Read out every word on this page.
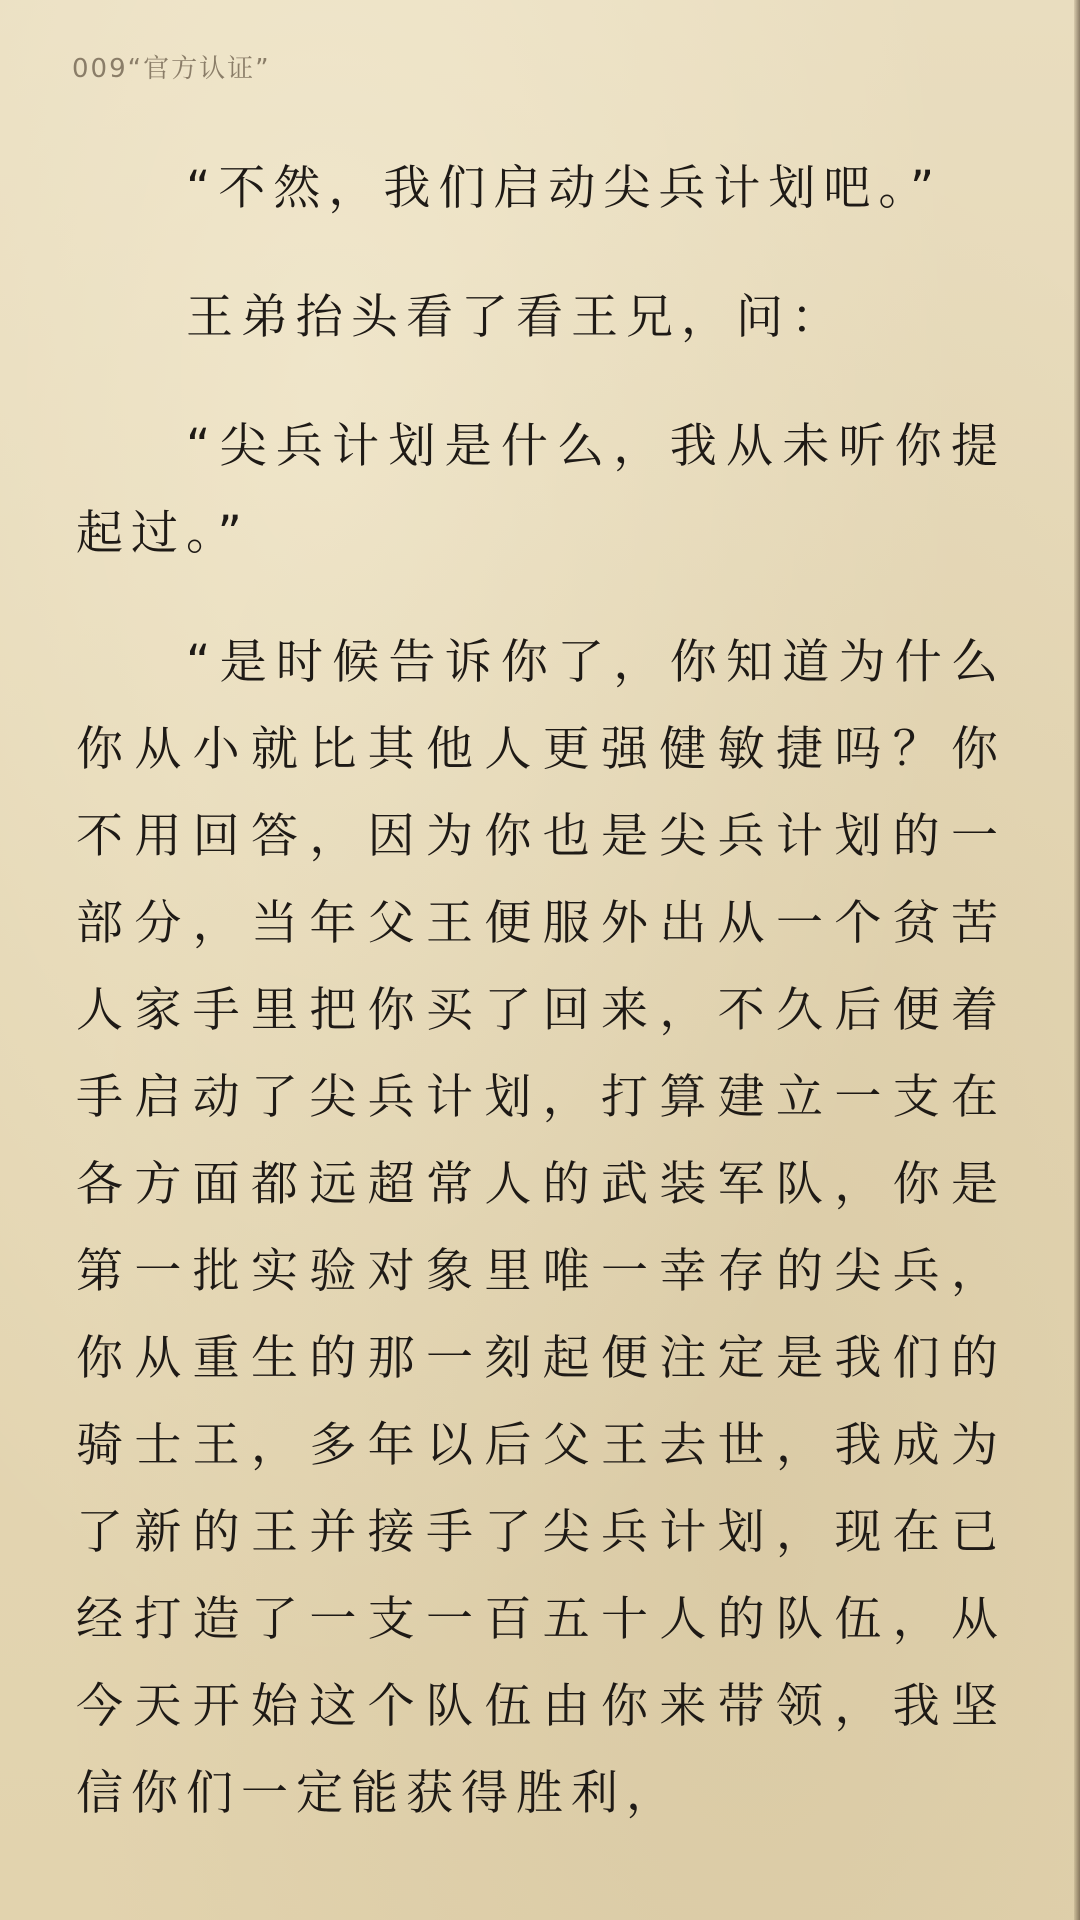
009“官方认证”

“不然，我们启动尖兵计划吧。”

王弟抬头看了看王兄，问：

“尖兵计划是什么，我从未听你提起过。”

“是时候告诉你了，你知道为什么你从小就比其他人更强健敏捷吗？你不用回答，因为你也是尖兵计划的一部分，当年父王便服外出从一个贫苦人家手里把你买了回来，不久后便着手启动了尖兵计划，打算建立一支在各方面都远超常人的武装军队，你是第一批实验对象里唯一幸存的尖兵，你从重生的那一刻起便注定是我们的骑士王，多年以后父王去世，我成为了新的王并接手了尖兵计划，现在已经打造了一支一百五十人的队伍，从今天开始这个队伍由你来带领，我坚信你们一定能获得胜利，
